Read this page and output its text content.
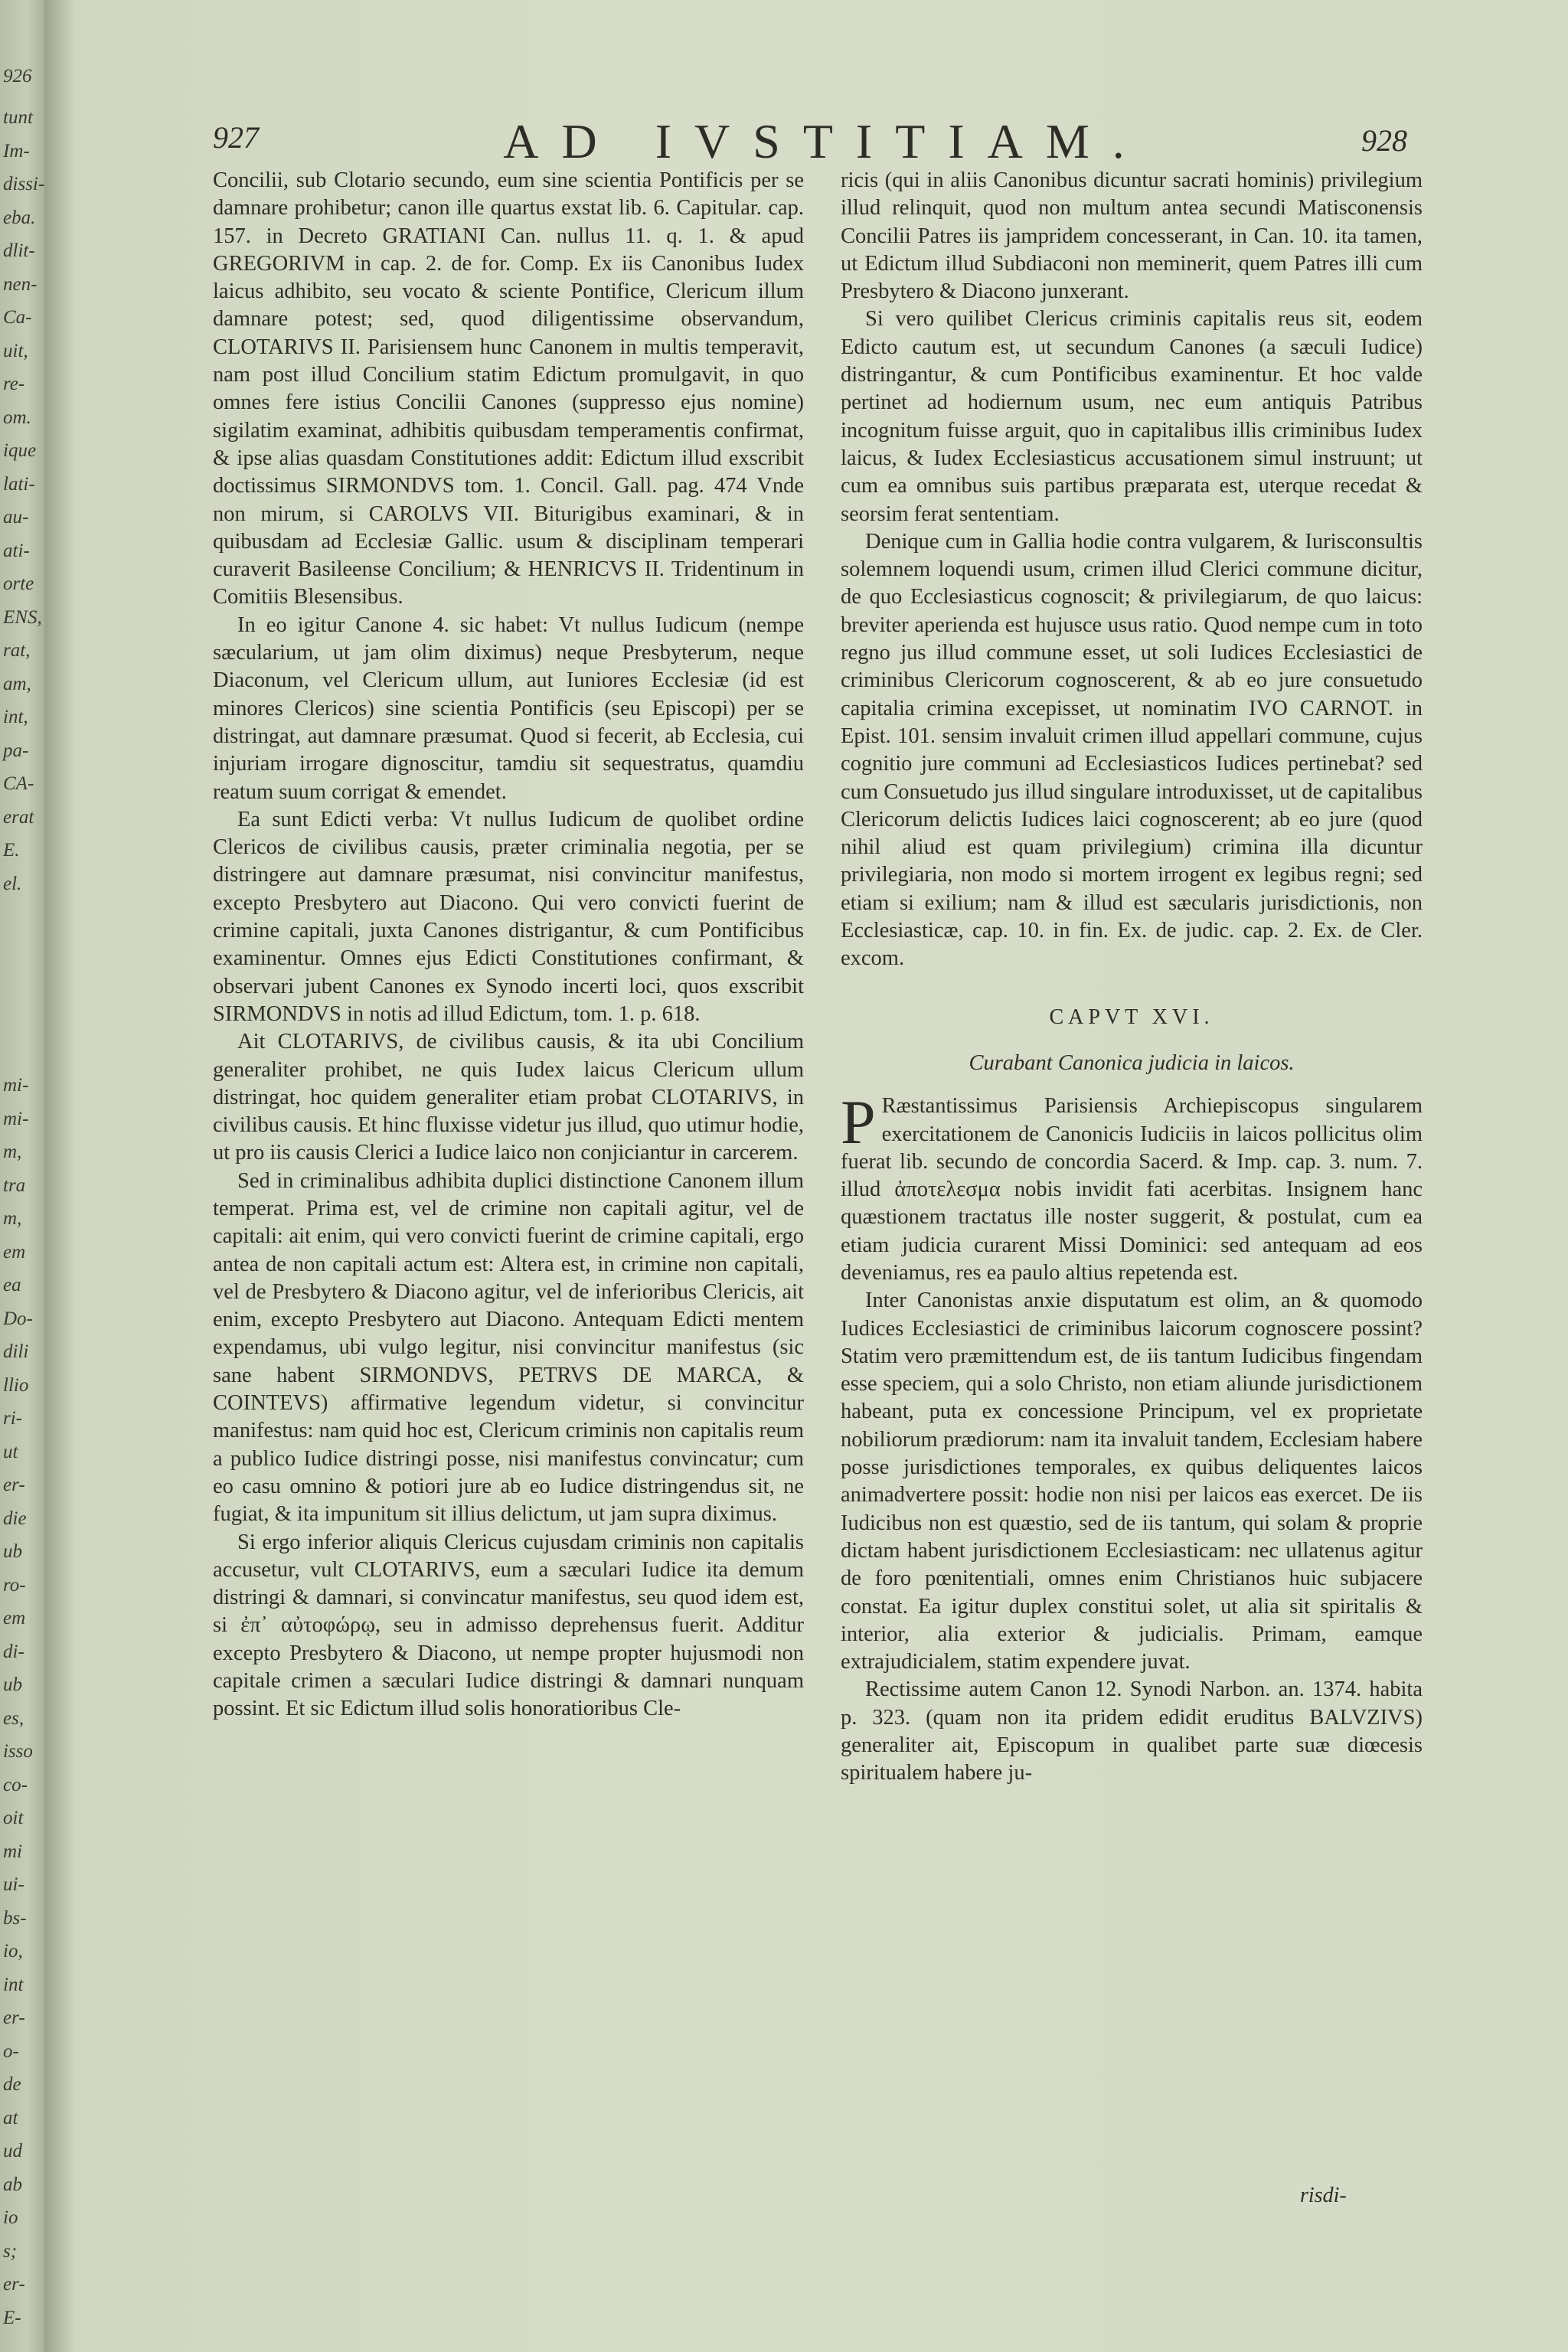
926
tunt
Im-
dissi-
eba.
dlit-
nen-
Ca-
uit,
re-
om.
ique
lati-
au-
ati-
orte
ENS,
rat,
am,
int,
pa-
CA-
erat
E.
el.
mi-
mi-
m,
tra
m,
em
ea
Do-
dili
llio
ri-
ut
er-
die
ub
ro-
em
di-
ub
es,
isso
co-
oit
mi
ui-
bs-
io,
int
er-
o-
de
at
ud
ab
io
s;
er-
E-
927	AD IVSTITIAM.	928

Concilii, sub Clotario secundo, eum sine scientia Pontificis per se damnare prohibetur; canon ille quartus exstat lib. 6. Capitular. cap. 157. in Decreto GRATIANI Can. nullus 11. q. 1. & apud GREGORIVM in cap. 2. de for. Comp. Ex iis Canonibus Iudex laicus adhibito, seu vocato & sciente Pontifice, Clericum illum damnare potest; sed, quod diligentissime observandum, CLOTARIVS II. Parisiensem hunc Canonem in multis temperavit, nam post illud Concilium statim Edictum promulgavit, in quo omnes fere istius Concilii Canones (suppresso ejus nomine) sigilatim examinat, adhibitis quibusdam temperamentis confirmat, & ipse alias quasdam Constitutiones addit: Edictum illud exscribit doctissimus SIRMONDVS tom. 1. Concil. Gall. pag. 474 Vnde non mirum, si CAROLVS VII. Biturigibus examinari, & in quibusdam ad Ecclesiæ Gallic. usum & disciplinam temperari curaverit Basileense Concilium; & HENRICVS II. Tridentinum in Comitiis Blesensibus.

In eo igitur Canone 4. sic habet: Vt nullus Iudicum (nempe sæcularium, ut jam olim diximus) neque Presbyterum, neque Diaconum, vel Clericum ullum, aut Iuniores Ecclesiæ (id est minores Clericos) sine scientia Pontificis (seu Episcopi) per se distringat, aut damnare præsumat. Quod si fecerit, ab Ecclesia, cui injuriam irrogare dignoscitur, tamdiu sit sequestratus, quamdiu reatum suum corrigat & emendet.

Ea sunt Edicti verba: Vt nullus Iudicum de quolibet ordine Clericos de civilibus causis, præter criminalia negotia, per se distringere aut damnare præsumat, nisi convincitur manifestus, excepto Presbytero aut Diacono. Qui vero convicti fuerint de crimine capitali, juxta Canones distrigantur, & cum Pontificibus examinentur. Omnes ejus Edicti Constitutiones confirmant, & observari jubent Canones ex Synodo incerti loci, quos exscribit SIRMONDVS in notis ad illud Edictum, tom. 1. p. 618.

Ait CLOTARIVS, de civilibus causis, & ita ubi Concilium generaliter prohibet, ne quis Iudex laicus Clericum ullum distringat, hoc quidem generaliter etiam probat CLOTARIVS, in civilibus causis. Et hinc fluxisse videtur jus illud, quo utimur hodie, ut pro iis causis Clerici a Iudice laico non conjiciantur in carcerem.

Sed in criminalibus adhibita duplici distinctione Canonem illum temperat. Prima est, vel de crimine non capitali agitur, vel de capitali: ait enim, qui vero convicti fuerint de crimine capitali, ergo antea de non capitali actum est: Altera est, in crimine non capitali, vel de Presbytero & Diacono agitur, vel de inferioribus Clericis, ait enim, excepto Presbytero aut Diacono. Antequam Edicti mentem expendamus, ubi vulgo legitur, nisi convincitur manifestus (sic sane habent SIRMONDVS, PETRVS DE MARCA, & COINTEVS) affirmative legendum videtur, si convincitur manifestus: nam quid hoc est, Clericum criminis non capitalis reum a publico Iudice distringi posse, nisi manifestus convincatur; cum eo casu omnino & potiori jure ab eo Iudice distringendus sit, ne fugiat, & ita impunitum sit illius delictum, ut jam supra diximus.

Si ergo inferior aliquis Clericus cujusdam criminis non capitalis accusetur, vult CLOTARIVS, eum a sæculari Iudice ita demum distringi & damnari, si convincatur manifestus, seu quod idem est, si ἐπ᾽ αὐτοφώρῳ, seu in admisso deprehensus fuerit. Additur excepto Presbytero & Diacono, ut nempe propter hujusmodi non capitale crimen a sæculari Iudice distringi & damnari nunquam possint. Et sic Edictum illud solis honoratioribus Cle-

ricis (qui in aliis Canonibus dicuntur sacrati hominis) privilegium illud relinquit, quod non multum antea secundi Matisconensis Concilii Patres iis jampridem concesserant, in Can. 10. ita tamen, ut Edictum illud Subdiaconi non meminerit, quem Patres illi cum Presbytero & Diacono junxerant.

Si vero quilibet Clericus criminis capitalis reus sit, eodem Edicto cautum est, ut secundum Canones (a sæculi Iudice) distringantur, & cum Pontificibus examinentur. Et hoc valde pertinet ad hodiernum usum, nec eum antiquis Patribus incognitum fuisse arguit, quo in capitalibus illis criminibus Iudex laicus, & Iudex Ecclesiasticus accusationem simul instruunt; ut cum ea omnibus suis partibus præparata est, uterque recedat & seorsim ferat sententiam.

Denique cum in Gallia hodie contra vulgarem, & Iurisconsultis solemnem loquendi usum, crimen illud Clerici commune dicitur, de quo Ecclesiasticus cognoscit; & privilegiarum, de quo laicus: breviter aperienda est hujusce usus ratio. Quod nempe cum in toto regno jus illud commune esset, ut soli Iudices Ecclesiastici de criminibus Clericorum cognoscerent, & ab eo jure consuetudo capitalia crimina excepisset, ut nominatim IVO CARNOT. in Epist. 101. sensim invaluit crimen illud appellari commune, cujus cognitio jure communi ad Ecclesiasticos Iudices pertinebat? sed cum Consuetudo jus illud singulare introduxisset, ut de capitalibus Clericorum delictis Iudices laici cognoscerent; ab eo jure (quod nihil aliud est quam privilegium) crimina illa dicuntur privilegiaria, non modo si mortem irrogent ex legibus regni; sed etiam si exilium; nam & illud est sæcularis jurisdictionis, non Ecclesiasticæ, cap. 10. in fin. Ex. de judic. cap. 2. Ex. de Cler. excom.

CAPVT XVI.
Curabant Canonica judicia in laicos.

P Ræstantissimus Parisiensis Archiepiscopus singularem exercitationem de Canonicis Iudiciis in laicos pollicitus olim fuerat lib. secundo de concordia Sacerd. & Imp. cap. 3. num. 7. illud ἀποτελεσμα nobis invidit fati acerbitas. Insignem hanc quæstionem tractatus ille noster suggerit, & postulat, cum ea etiam judicia curarent Missi Dominici: sed antequam ad eos deveniamus, res ea paulo altius repetenda est.

Inter Canonistas anxie disputatum est olim, an & quomodo Iudices Ecclesiastici de criminibus laicorum cognoscere possint? Statim vero præmittendum est, de iis tantum Iudicibus fingendam esse speciem, qui a solo Christo, non etiam aliunde jurisdictionem habeant, puta ex concessione Principum, vel ex proprietate nobiliorum prædiorum: nam ita invaluit tandem, Ecclesiam habere posse jurisdictiones temporales, ex quibus deliquentes laicos animadvertere possit: hodie non nisi per laicos eas exercet. De iis Iudicibus non est quæstio, sed de iis tantum, qui solam & proprie dictam habent jurisdictionem Ecclesiasticam: nec ullatenus agitur de foro pœnitentiali, omnes enim Christianos huic subjacere constat. Ea igitur duplex constitui solet, ut alia sit spiritalis & interior, alia exterior & judicialis. Primam, eamque extrajudicialem, statim expendere juvat.

Rectissime autem Canon 12. Synodi Narbon. an. 1374. habita p. 323. (quam non ita pridem edidit eruditus BALVZIVS) generaliter ait, Episcopum in qualibet parte suæ diœcesis spiritualem habere ju-

risdi-
